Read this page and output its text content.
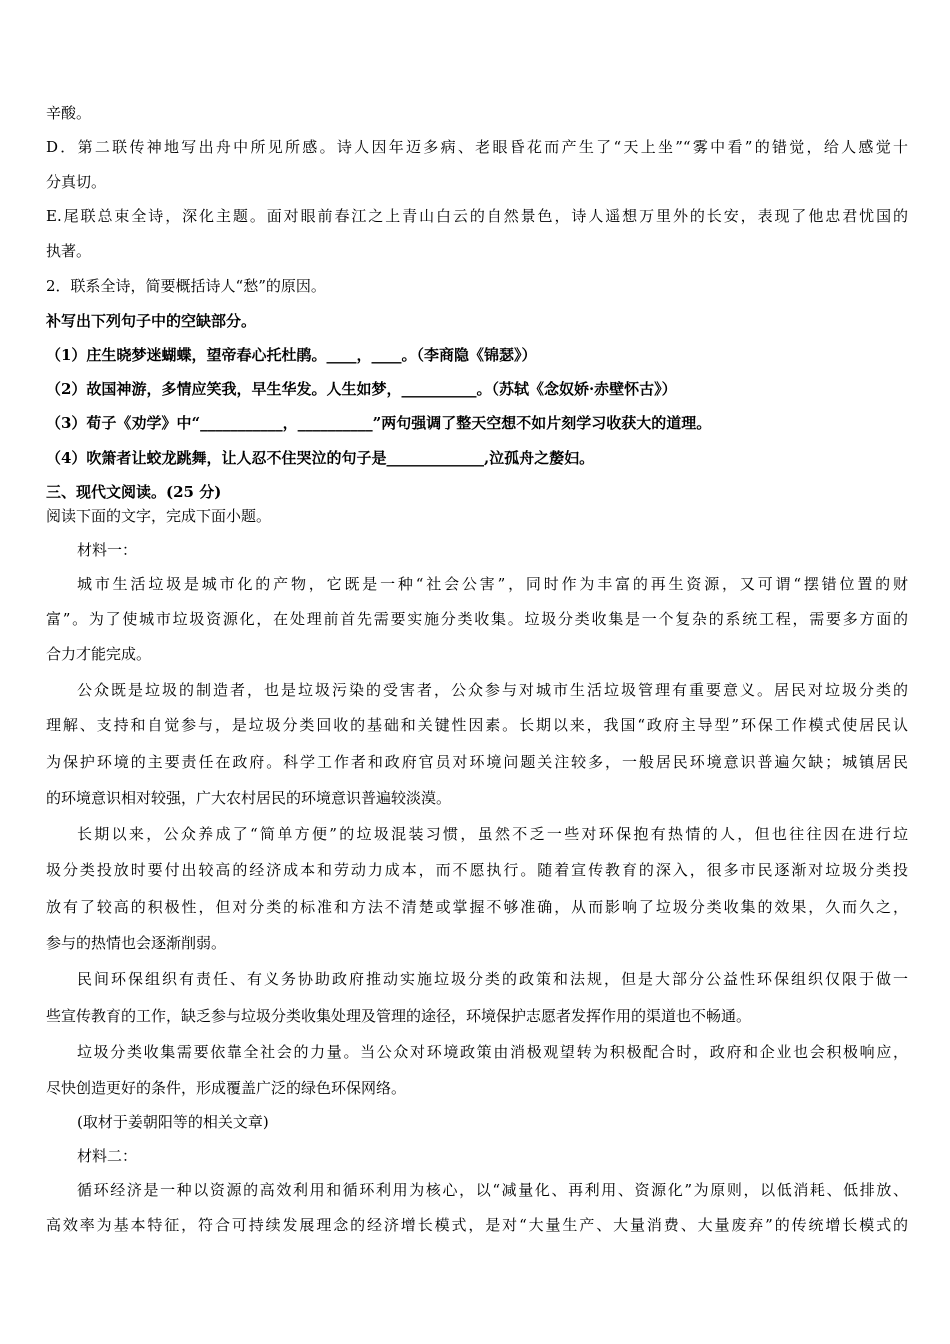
辛酸。
D．第二联传神地写出舟中所见所感。诗人因年迈多病、老眼昏花而产生了“天上坐”“雾中看”的错觉，给人感觉十
分真切。
E.尾联总束全诗，深化主题。面对眼前春江之上青山白云的自然景色，诗人遥想万里外的长安，表现了他忠君忧国的
执著。
2．联系全诗，简要概括诗人“愁”的原因。
补写出下列句子中的空缺部分。
（1）庄生晓梦迷蝴蝶，望帝春心托杜鹃。____，____。（李商隐《锦瑟》）
（2）故国神游，多情应笑我，早生华发。人生如梦，__________。（苏轼《念奴娇·赤壁怀古》）
（3）荀子《劝学》中“___________，__________”两句强调了整天空想不如片刻学习收获大的道理。
（4）吹箫者让蛟龙跳舞，让人忍不住哭泣的句子是_____________,泣孤舟之嫠妇。
三、现代文阅读。(25 分)
阅读下面的文字，完成下面小题。
材料一：
城市生活垃圾是城市化的产物，它既是一种“社会公害”，同时作为丰富的再生资源，又可谓“摆错位置的财
富”。为了使城市垃圾资源化，在处理前首先需要实施分类收集。垃圾分类收集是一个复杂的系统工程，需要多方面的
合力才能完成。
公众既是垃圾的制造者，也是垃圾污染的受害者，公众参与对城市生活垃圾管理有重要意义。居民对垃圾分类的
理解、支持和自觉参与，是垃圾分类回收的基础和关键性因素。长期以来，我国“政府主导型”环保工作模式使居民认
为保护环境的主要责任在政府。科学工作者和政府官员对环境问题关注较多，一般居民环境意识普遍欠缺；城镇居民
的环境意识相对较强，广大农村居民的环境意识普遍较淡漠。
长期以来，公众养成了“简单方便”的垃圾混装习惯，虽然不乏一些对环保抱有热情的人，但也往往因在进行垃
圾分类投放时要付出较高的经济成本和劳动力成本，而不愿执行。随着宣传教育的深入，很多市民逐渐对垃圾分类投
放有了较高的积极性，但对分类的标准和方法不清楚或掌握不够准确，从而影响了垃圾分类收集的效果，久而久之，
参与的热情也会逐渐削弱。
民间环保组织有责任、有义务协助政府推动实施垃圾分类的政策和法规，但是大部分公益性环保组织仅限于做一
些宣传教育的工作，缺乏参与垃圾分类收集处理及管理的途径，环境保护志愿者发挥作用的渠道也不畅通。
垃圾分类收集需要依靠全社会的力量。当公众对环境政策由消极观望转为积极配合时，政府和企业也会积极响应，
尽快创造更好的条件，形成覆盖广泛的绿色环保网络。
(取材于姜朝阳等的相关文章)
材料二：
循环经济是一种以资源的高效利用和循环利用为核心，以“减量化、再利用、资源化”为原则，以低消耗、低排放、
高效率为基本特征，符合可持续发展理念的经济增长模式，是对“大量生产、大量消费、大量废弃”的传统增长模式的
